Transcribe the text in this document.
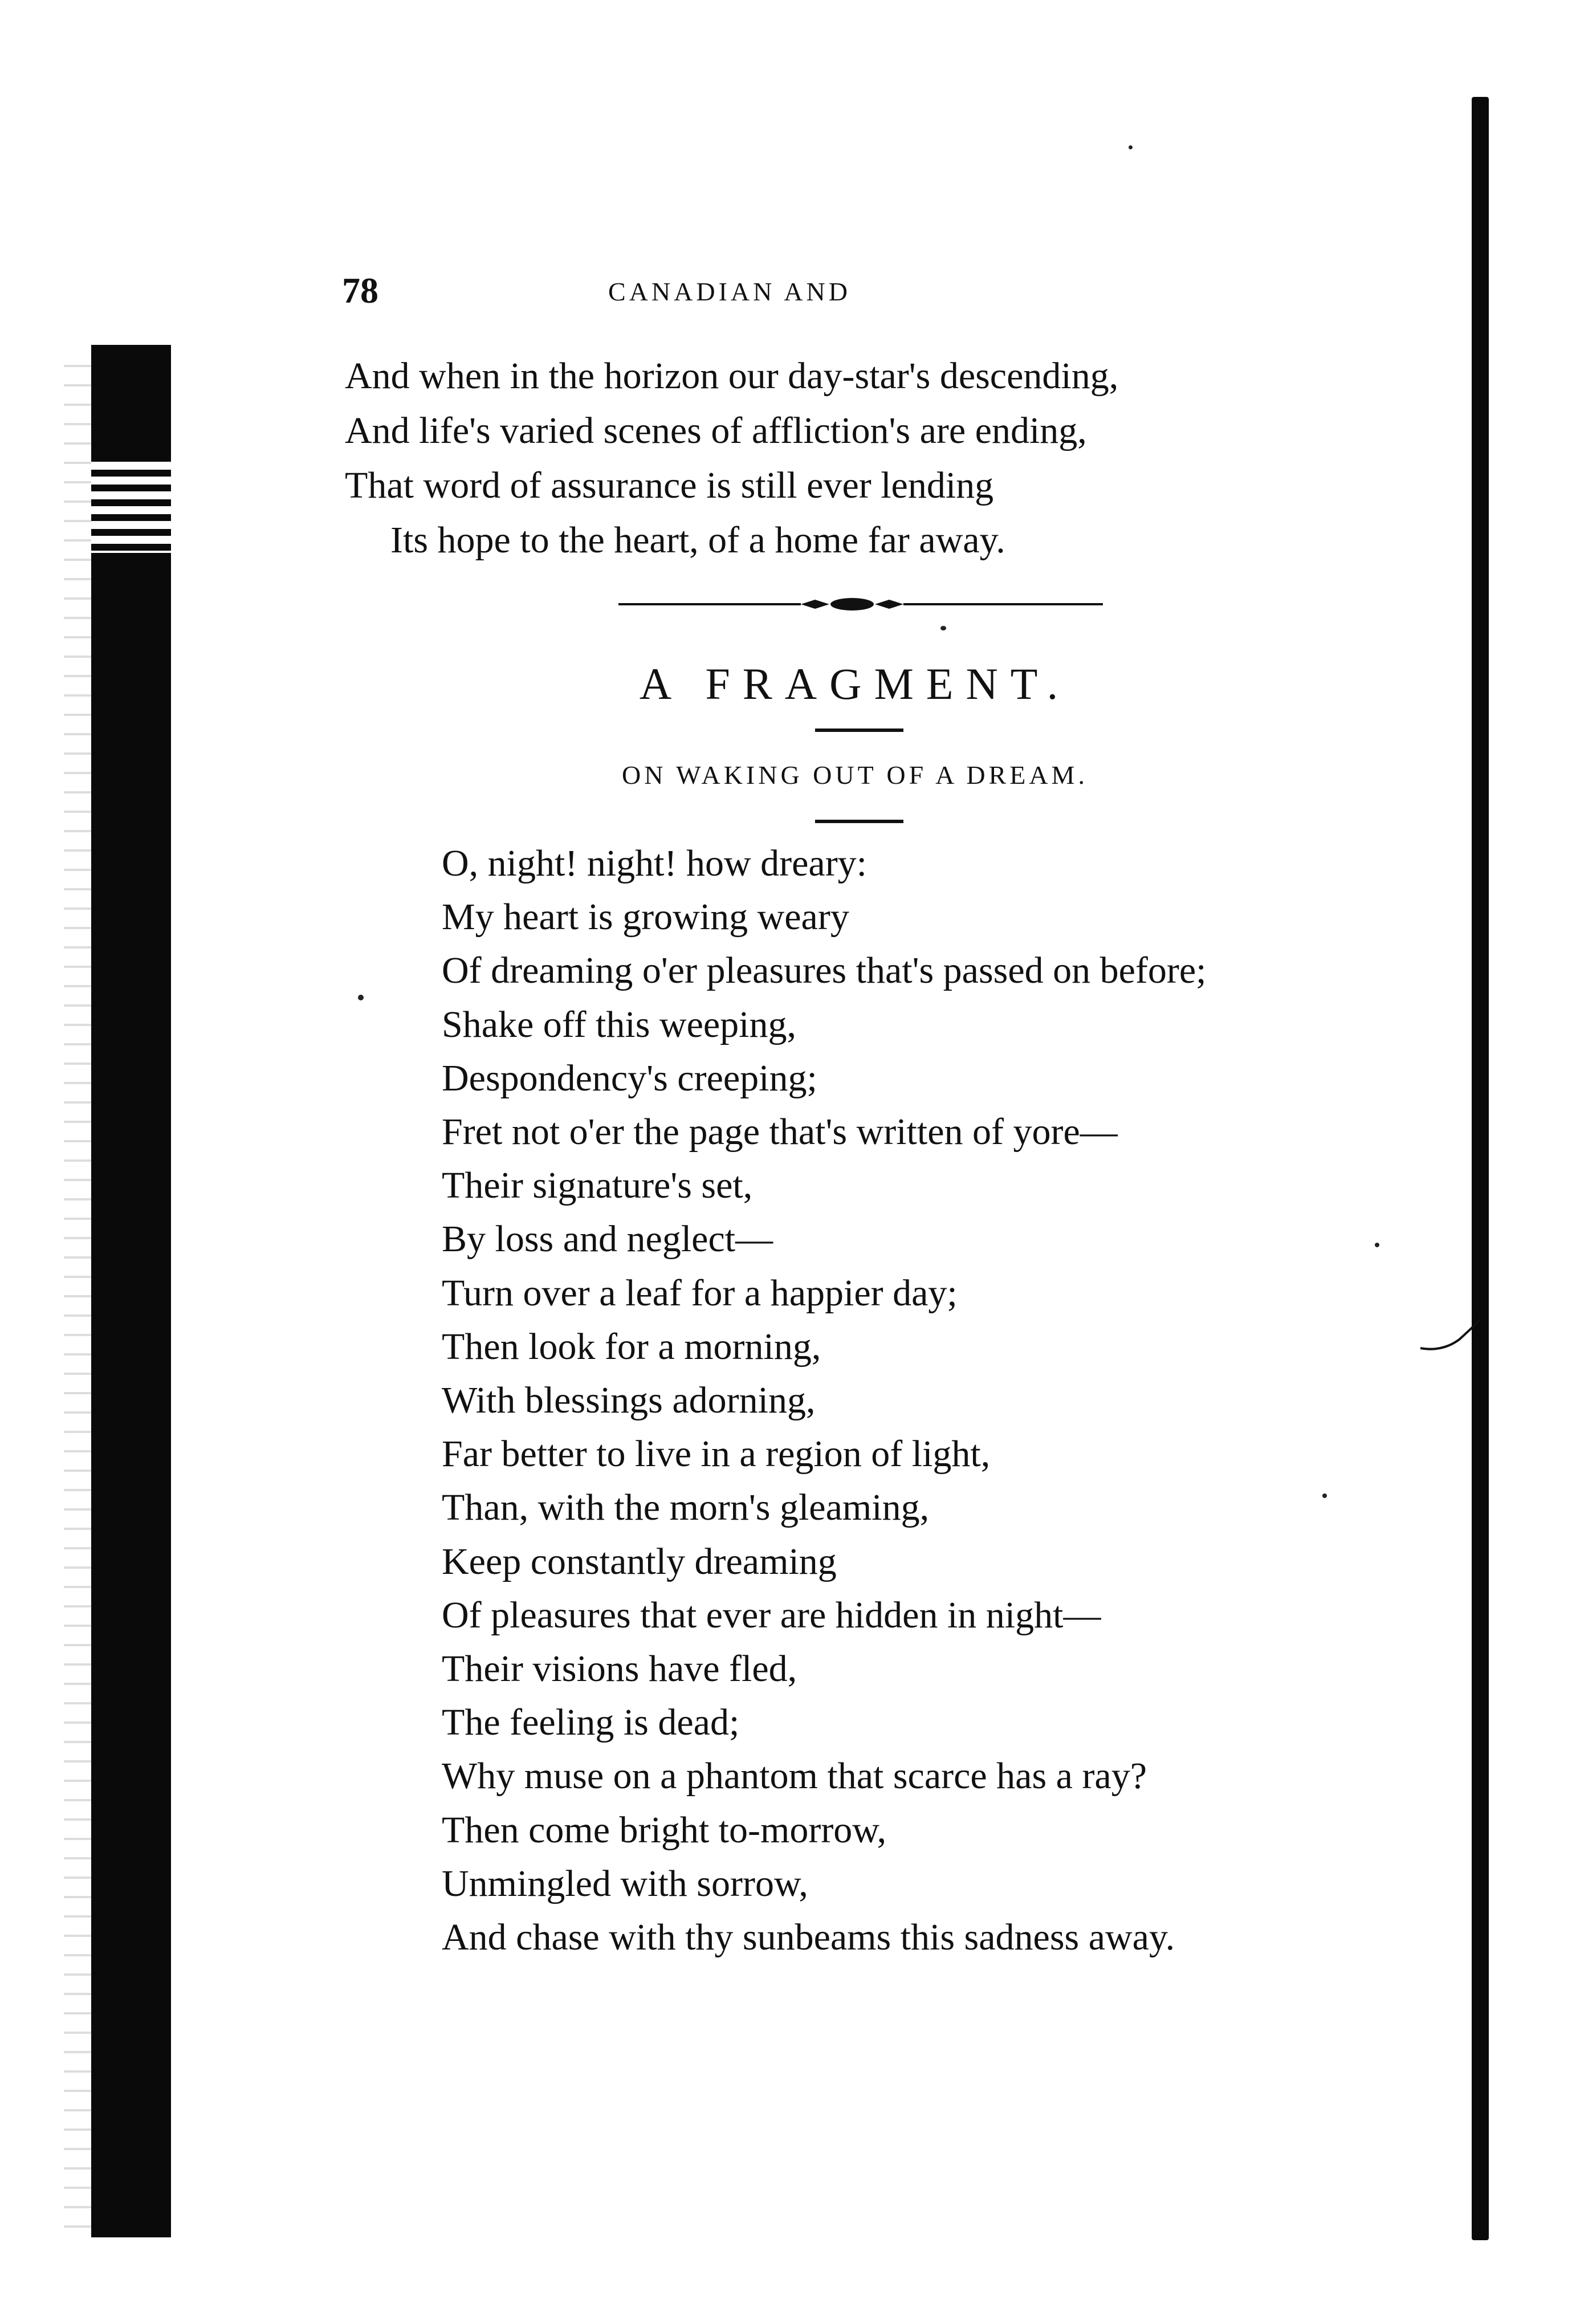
78	CANADIAN AND
And when in the horizon our day-star's descending,
And life's varied scenes of affliction's are ending,
That word of assurance is still ever lending
Its hope to the heart, of a home far away.
A FRAGMENT.
ON WAKING OUT OF A DREAM.
O, night! night! how dreary:
My heart is growing weary
Of dreaming o'er pleasures that's passed on before;
Shake off this weeping,
Despondency's creeping;
Fret not o'er the page that's written of yore—
Their signature's set,
By loss and neglect—
Turn over a leaf for a happier day;
Then look for a morning,
With blessings adorning,
Far better to live in a region of light,
Than, with the morn's gleaming,
Keep constantly dreaming
Of pleasures that ever are hidden in night—
Their visions have fled,
The feeling is dead;
Why muse on a phantom that scarce has a ray?
Then come bright to-morrow,
Unmingled with sorrow,
And chase with thy sunbeams this sadness away.
